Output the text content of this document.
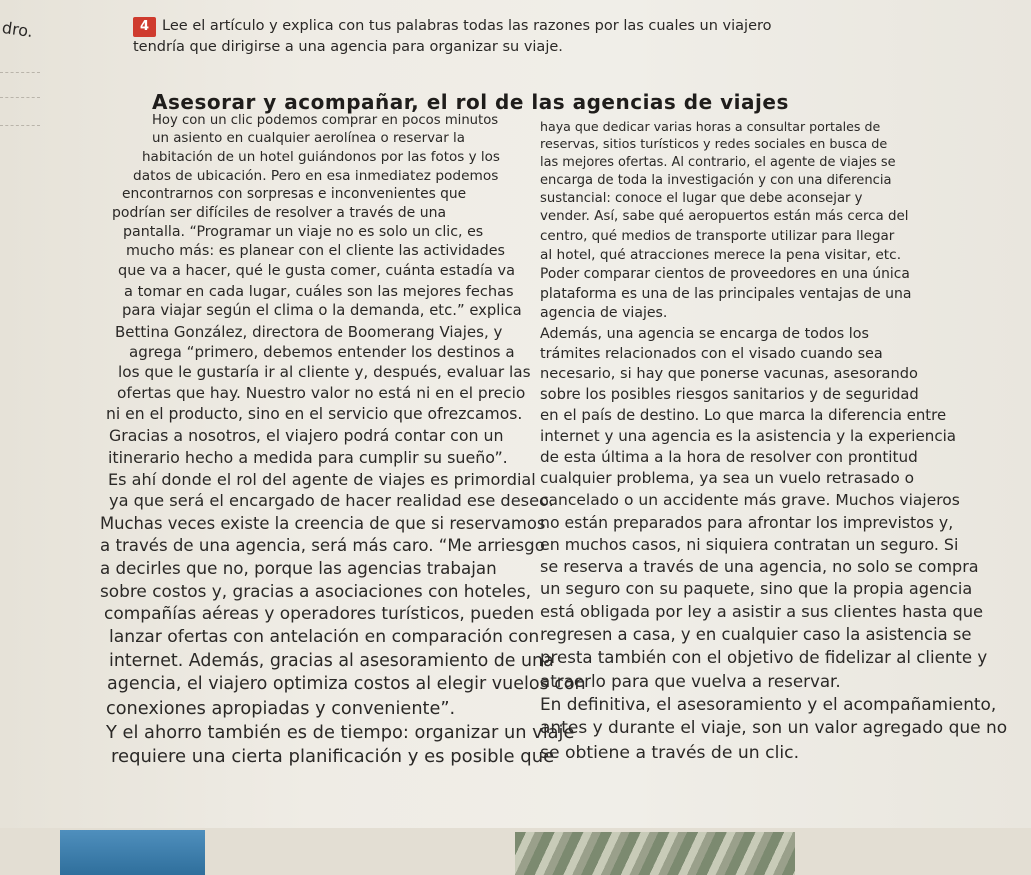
dro.	4 Lee el artículo y explica con tus palabras todas las razones por las cuales un viajero
tendría que dirigirse a una agencia para organizar su viaje.
Asesorar y acompañar, el rol de las agencias de viajes
Hoy con un clic podemos comprar en pocos minutos
un asiento en cualquier aerolínea o reservar la
habitación de un hotel guiándonos por las fotos y los
datos de ubicación. Pero en esa inmediatez podemos
encontrarnos con sorpresas e inconvenientes que
podrían ser difíciles de resolver a través de una
pantalla. “Programar un viaje no es solo un clic, es
mucho más: es planear con el cliente las actividades
que va a hacer, qué le gusta comer, cuánta estadía va
a tomar en cada lugar, cuáles son las mejores fechas
para viajar según el clima o la demanda, etc.” explica
Bettina González, directora de Boomerang Viajes, y
agrega “primero, debemos entender los destinos a
los que le gustaría ir al cliente y, después, evaluar las
ofertas que hay. Nuestro valor no está ni en el precio
ni en el producto, sino en el servicio que ofrezcamos.
Gracias a nosotros, el viajero podrá contar con un
itinerario hecho a medida para cumplir su sueño”.
Es ahí donde el rol del agente de viajes es primordial
ya que será el encargado de hacer realidad ese deseo.
Muchas veces existe la creencia de que si reservamos
a través de una agencia, será más caro. “Me arriesgo
a decirles que no, porque las agencias trabajan
sobre costos y, gracias a asociaciones con hoteles,
compañías aéreas y operadores turísticos, pueden
lanzar ofertas con antelación en comparación con
internet. Además, gracias al asesoramiento de una
agencia, el viajero optimiza costos al elegir vuelos con
conexiones apropiadas y conveniente”.
Y el ahorro también es de tiempo: organizar un viaje
requiere una cierta planificación y es posible que
haya que dedicar varias horas a consultar portales de
reservas, sitios turísticos y redes sociales en busca de
las mejores ofertas. Al contrario, el agente de viajes se
encarga de toda la investigación y con una diferencia
sustancial: conoce el lugar que debe aconsejar y
vender. Así, sabe qué aeropuertos están más cerca del
centro, qué medios de transporte utilizar para llegar
al hotel, qué atracciones merece la pena visitar, etc.
Poder comparar cientos de proveedores en una única
plataforma es una de las principales ventajas de una
agencia de viajes.
Además, una agencia se encarga de todos los
trámites relacionados con el visado cuando sea
necesario, si hay que ponerse vacunas, asesorando
sobre los posibles riesgos sanitarios y de seguridad
en el país de destino. Lo que marca la diferencia entre
internet y una agencia es la asistencia y la experiencia
de esta última a la hora de resolver con prontitud
cualquier problema, ya sea un vuelo retrasado o
cancelado o un accidente más grave. Muchos viajeros
no están preparados para afrontar los imprevistos y,
en muchos casos, ni siquiera contratan un seguro. Si
se reserva a través de una agencia, no solo se compra
un seguro con su paquete, sino que la propia agencia
está obligada por ley a asistir a sus clientes hasta que
regresen a casa, y en cualquier caso la asistencia se
presta también con el objetivo de fidelizar al cliente y
atraerlo para que vuelva a reservar.
En definitiva, el asesoramiento y el acompañamiento,
antes y durante el viaje, son un valor agregado que no
se obtiene a través de un clic.
